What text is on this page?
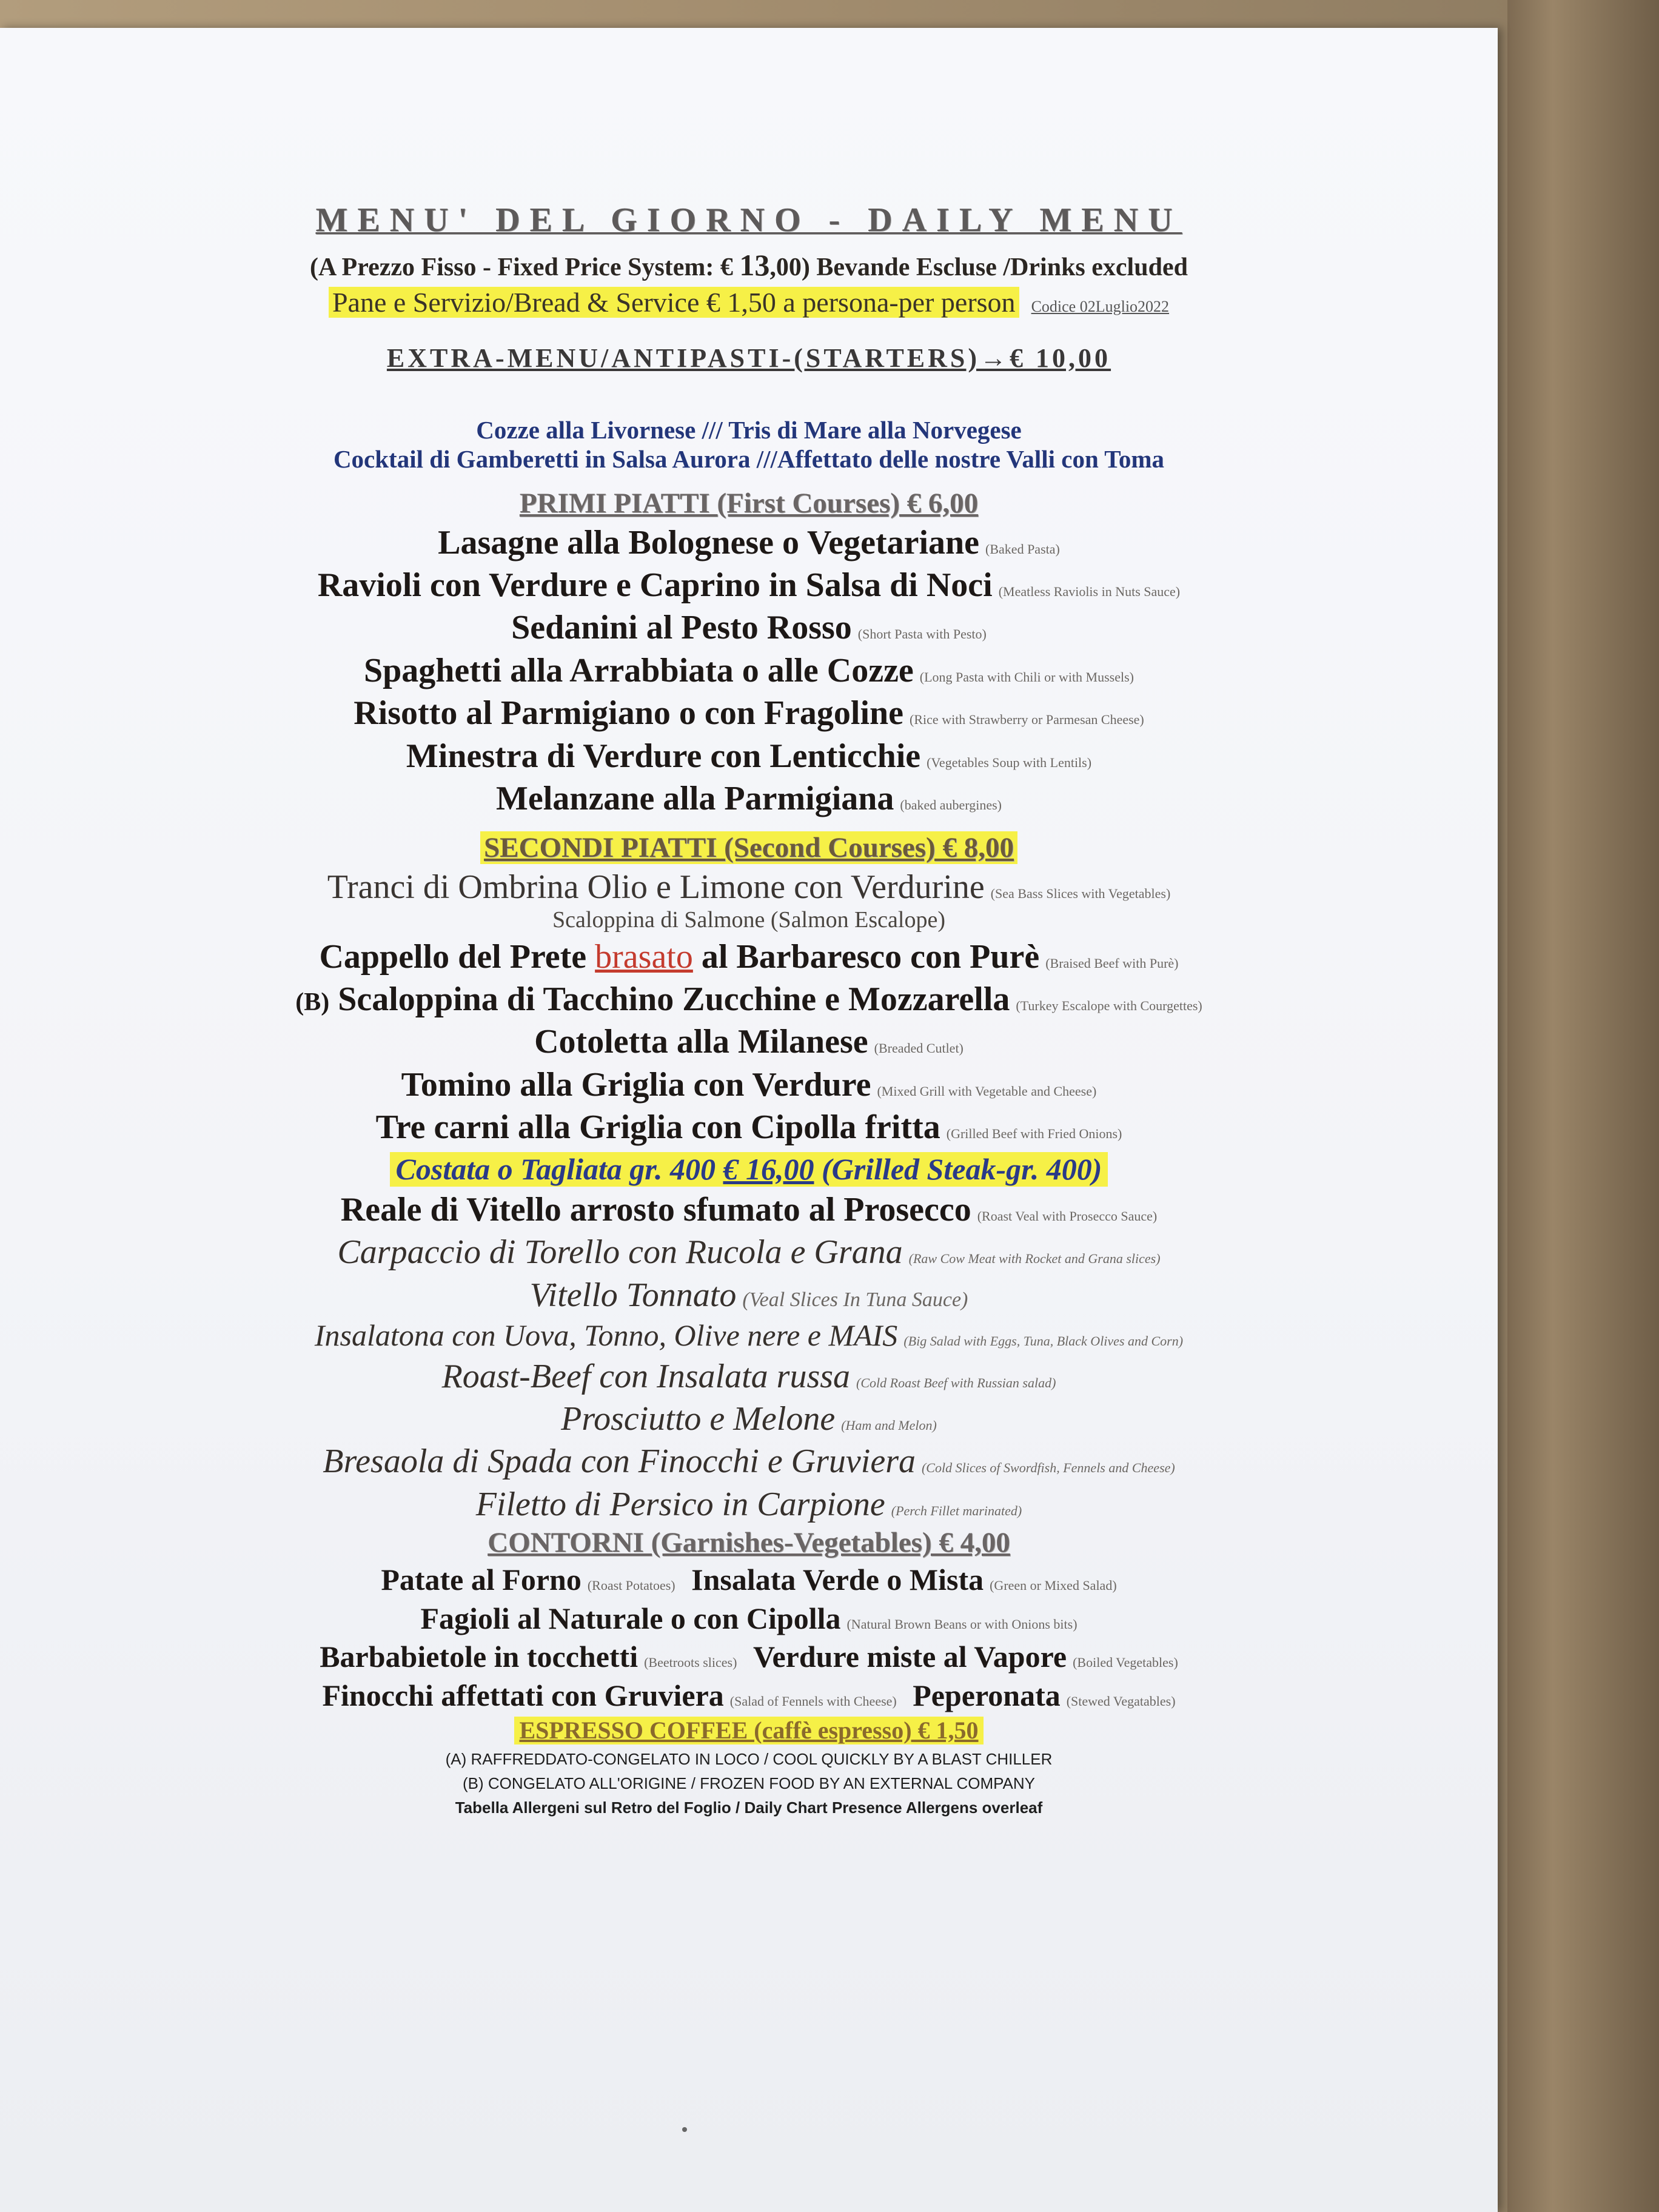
MENU' DEL GIORNO - DAILY MENU
(A Prezzo Fisso - Fixed Price System: € 13,00) Bevande Escluse /Drinks excluded
Pane e Servizio/Bread & Service € 1,50 a persona-per person Codice 02Luglio2022
EXTRA-MENU/ANTIPASTI-(STARTERS)→€ 10,00
Cozze alla Livornese /// Tris di Mare alla Norvegese
Cocktail di Gamberetti in Salsa Aurora ///Affettato delle nostre Valli con Toma
PRIMI PIATTI (First Courses) € 6,00
Lasagne alla Bolognese o Vegetariane (Baked Pasta)
Ravioli con Verdure e Caprino in Salsa di Noci (Meatless Raviolis in Nuts Sauce)
Sedanini al Pesto Rosso (Short Pasta with Pesto)
Spaghetti alla Arrabbiata o alle Cozze (Long Pasta with Chili or with Mussels)
Risotto al Parmigiano o con Fragoline (Rice with Strawberry or Parmesan Cheese)
Minestra di Verdure con Lenticchie (Vegetables Soup with Lentils)
Melanzane alla Parmigiana (baked aubergines)
SECONDI PIATTI (Second Courses) € 8,00
Tranci di Ombrina Olio e Limone con Verdurine (Sea Bass Slices with Vegetables)
Scaloppina di Salmone (Salmon Escalope)
Cappello del Prete brasato al Barbaresco con Purè (Braised Beef with Purè)
(B) Scaloppina di Tacchino Zucchine e Mozzarella (Turkey Escalope with Courgettes)
Cotoletta alla Milanese (Breaded Cutlet)
Tomino alla Griglia con Verdure (Mixed Grill with Vegetable and Cheese)
Tre carni alla Griglia con Cipolla fritta (Grilled Beef with Fried Onions)
Costata o Tagliata gr. 400 € 16,00 (Grilled Steak-gr. 400)
Reale di Vitello arrosto sfumato al Prosecco (Roast Veal with Prosecco Sauce)
Carpaccio di Torello con Rucola e Grana (Raw Cow Meat with Rocket and Grana slices)
Vitello Tonnato (Veal Slices In Tuna Sauce)
Insalatona con Uova, Tonno, Olive nere e MAIS (Big Salad with Eggs, Tuna, Black Olives and Corn)
Roast-Beef con Insalata russa (Cold Roast Beef with Russian salad)
Prosciutto e Melone (Ham and Melon)
Bresaola di Spada con Finocchi e Gruviera (Cold Slices of Swordfish, Fennels and Cheese)
Filetto di Persico in Carpione (Perch Fillet marinated)
CONTORNI (Garnishes-Vegetables) € 4,00
Patate al Forno (Roast Potatoes) Insalata Verde o Mista (Green or Mixed Salad)
Fagioli al Naturale o con Cipolla (Natural Brown Beans or with Onions bits)
Barbabietole in tocchetti (Beetroots slices) Verdure miste al Vapore (Boiled Vegetables)
Finocchi affettati con Gruviera (Salad of Fennels with Cheese) Peperonata (Stewed Vegatables)
ESPRESSO COFFEE (caffè espresso) € 1,50
(A) RAFFREDDATO-CONGELATO IN LOCO / COOL QUICKLY BY A BLAST CHILLER
(B) CONGELATO ALL'ORIGINE / FROZEN FOOD BY AN EXTERNAL COMPANY
Tabella Allergeni sul Retro del Foglio / Daily Chart Presence Allergens overleaf
